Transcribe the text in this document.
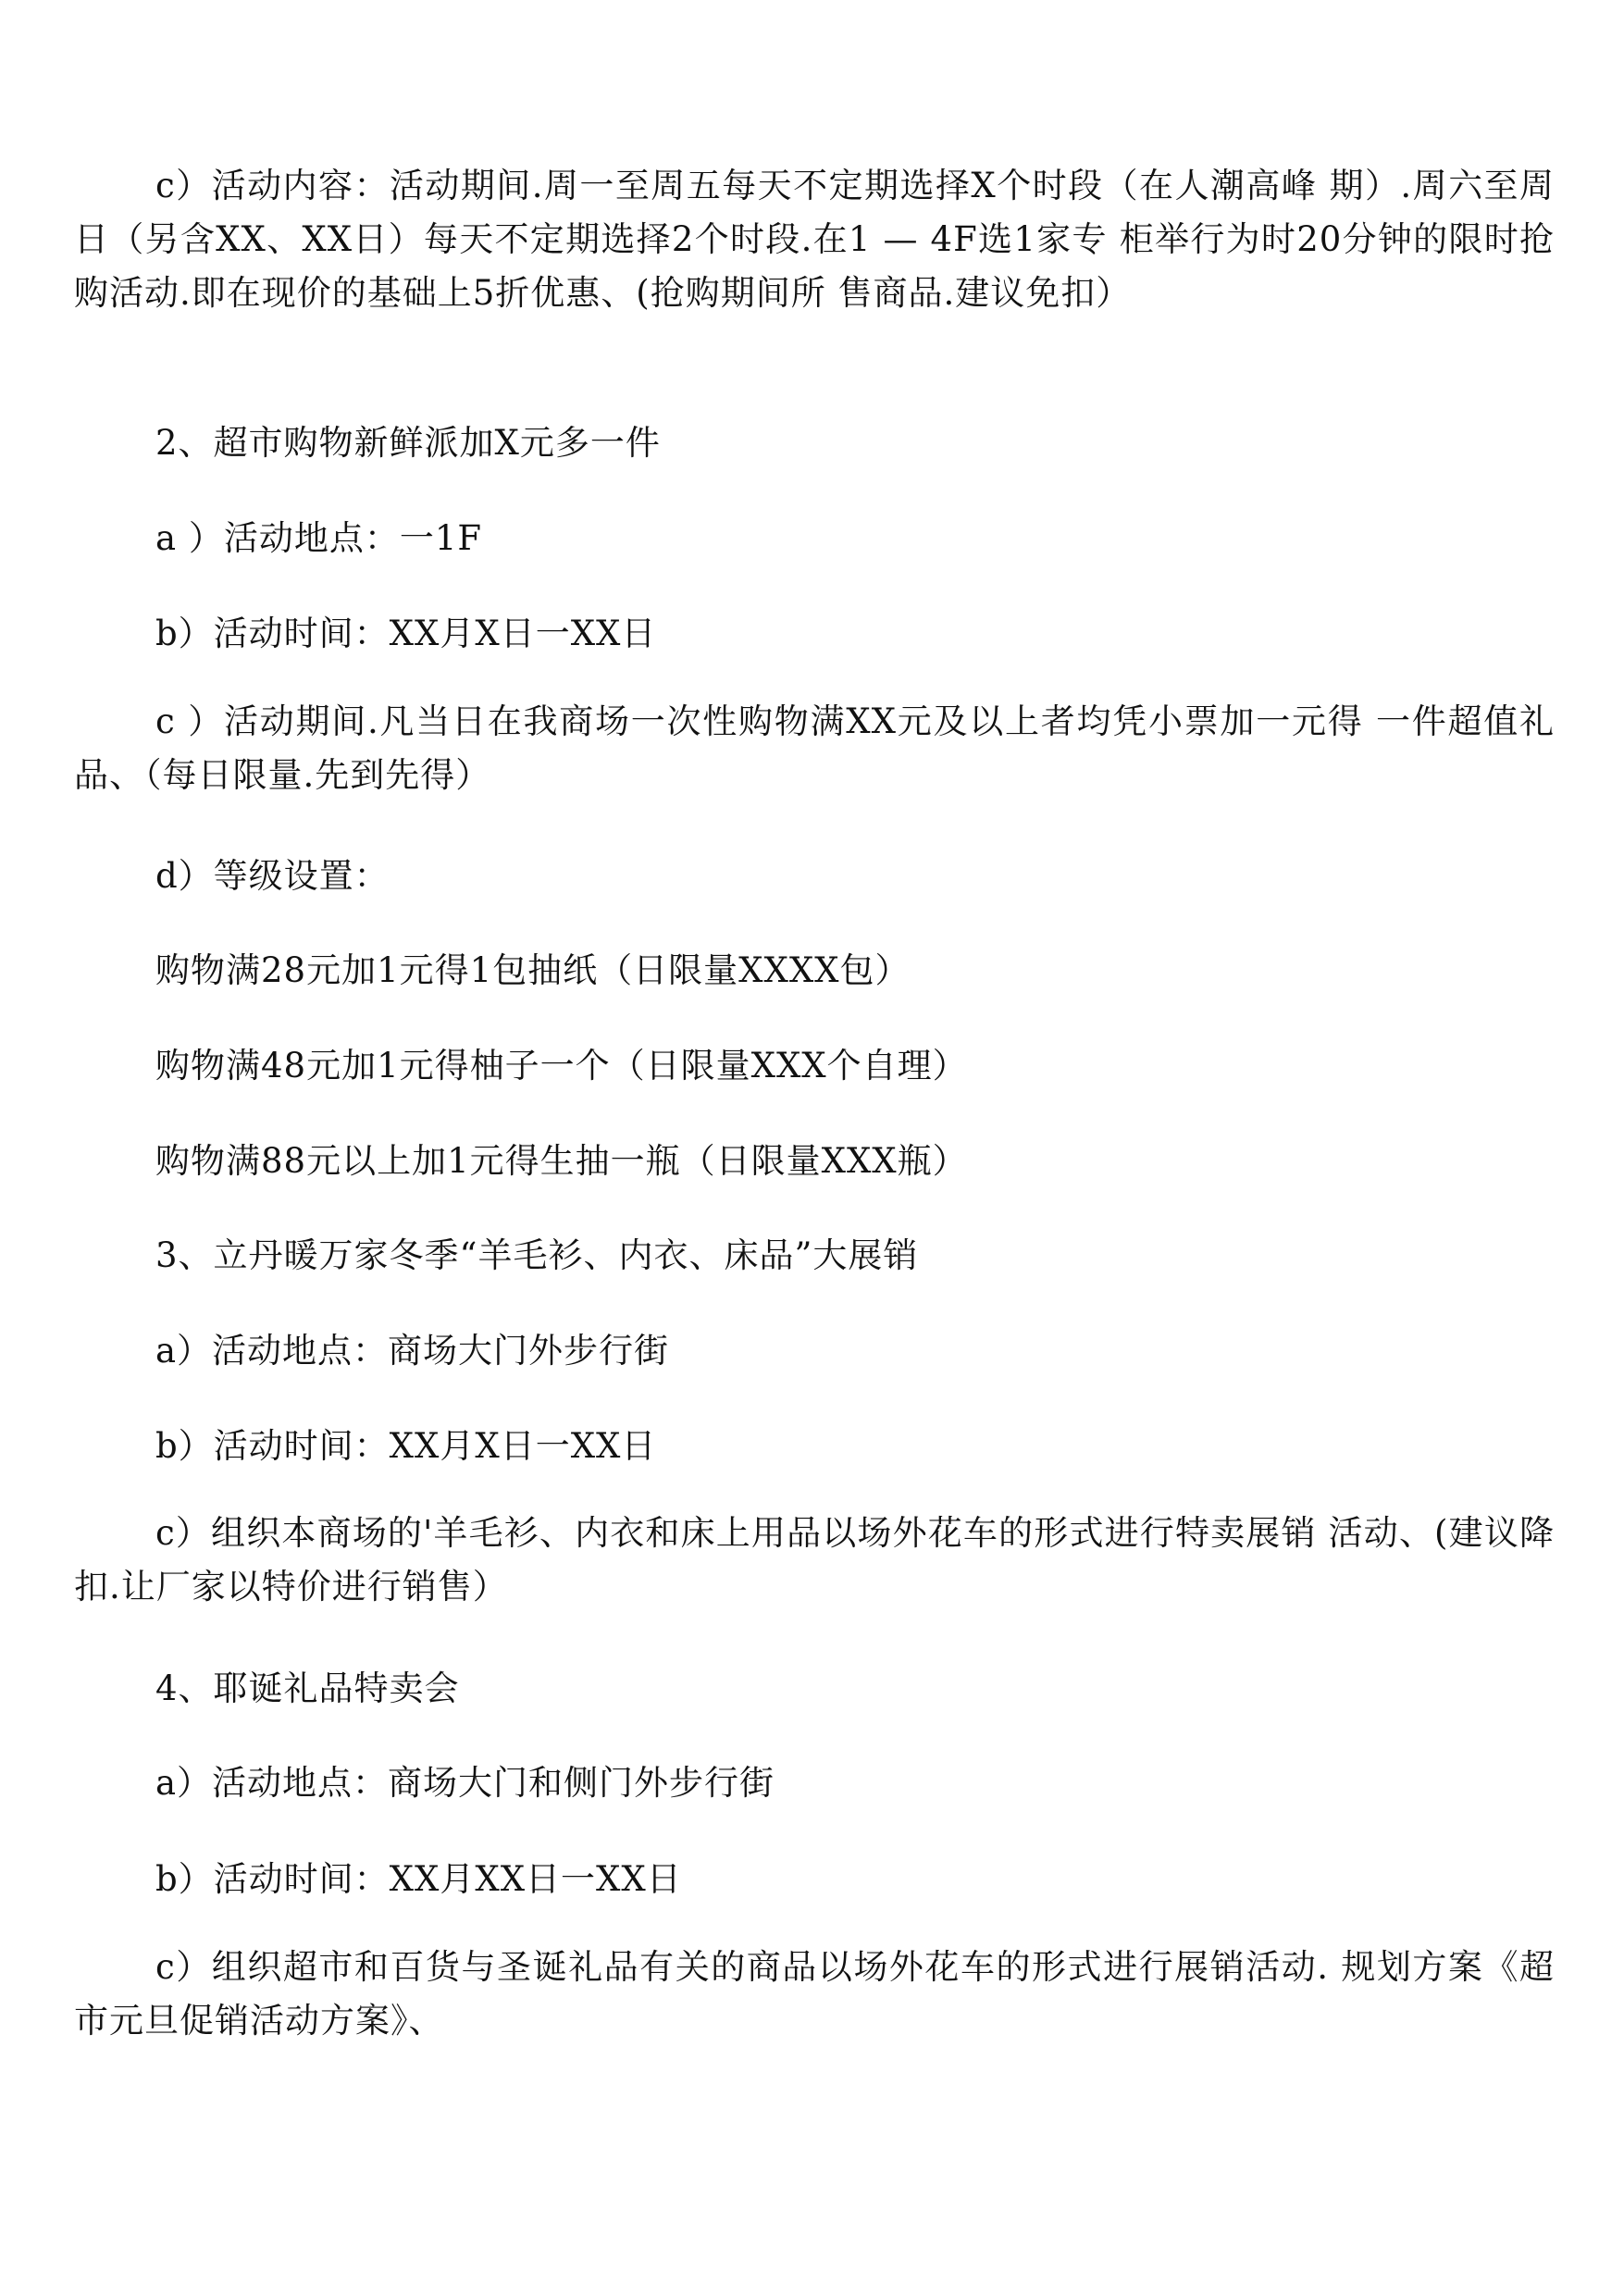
c）活动内容：活动期间.周一至周五每天不定期选择X个时段（在人潮高峰 期）.周六至周日（另含XX、XX日）每天不定期选择2个时段.在1 — 4F选1家专 柜举行为时20分钟的限时抢购活动.即在现价的基础上5折优惠、(抢购期间所 售商品.建议免扣）

2、超市购物新鲜派加X元多一件

a ）活动地点：一1F

b）活动时间：XX月X日一XX日

c ）活动期间.凡当日在我商场一次性购物满XX元及以上者均凭小票加一元得 一件超值礼品、（每日限量.先到先得）

d）等级设置：

购物满28元加1元得1包抽纸（日限量XXXX包）

购物满48元加1元得柚子一个（日限量XXX个自理）

购物满88元以上加1元得生抽一瓶（日限量XXX瓶）

3、立丹暖万家冬季“羊毛衫、内衣、床品”大展销

a）活动地点：商场大门外步行街

b）活动时间：XX月X日一XX日

c）组织本商场的'羊毛衫、内衣和床上用品以场外花车的形式进行特卖展销 活动、(建议降扣.让厂家以特价进行销售）

4、耶诞礼品特卖会

a）活动地点：商场大门和侧门外步行街

b）活动时间：XX月XX日一XX日

c）组织超市和百货与圣诞礼品有关的商品以场外花车的形式进行展销活动. 规划方案《超市元旦促销活动方案》、
